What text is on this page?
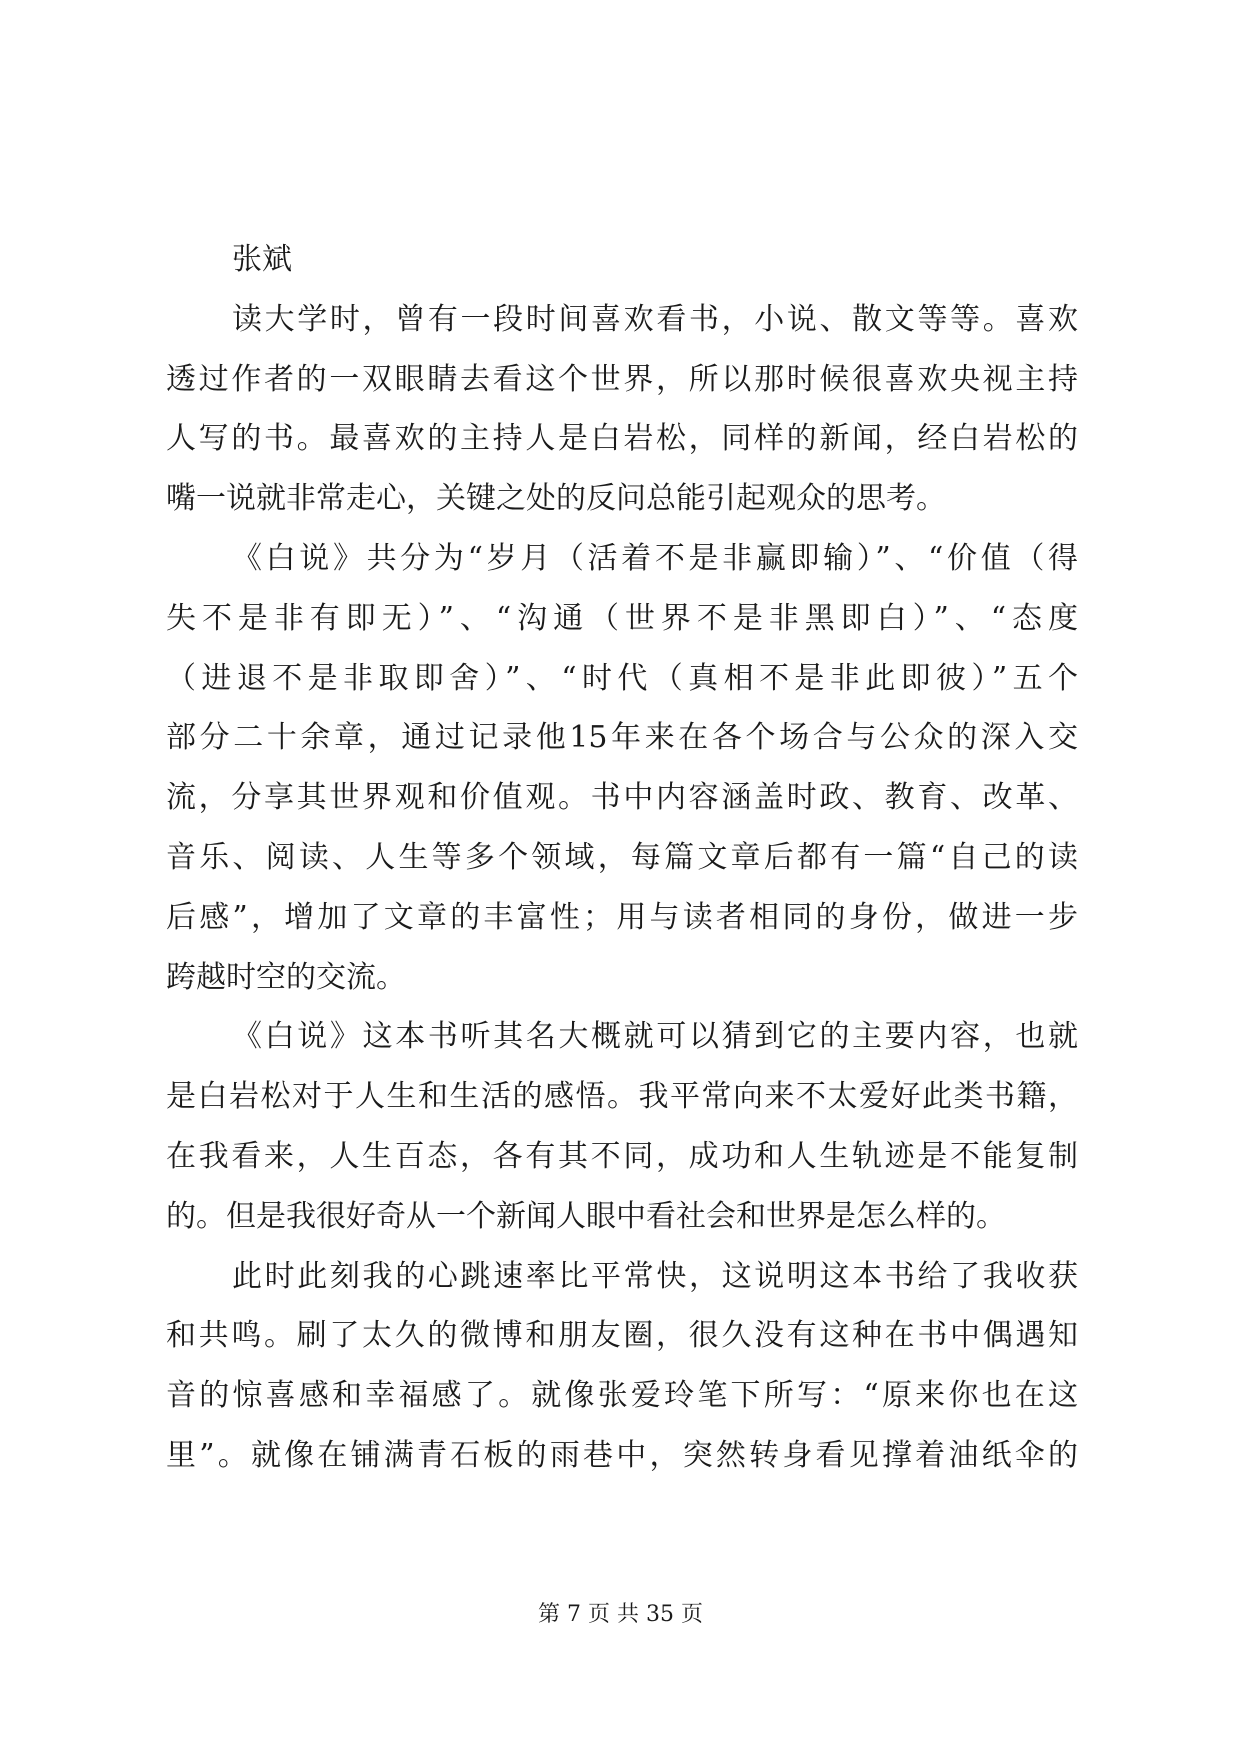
张斌
读大学时，曾有一段时间喜欢看书，小说、散文等等。喜欢
透过作者的一双眼睛去看这个世界，所以那时候很喜欢央视主持
人写的书。最喜欢的主持人是白岩松，同样的新闻，经白岩松的
嘴一说就非常走心，关键之处的反问总能引起观众的思考。
《白说》共分为“岁月（活着不是非赢即输）”、“价值（得
失不是非有即无）”、“沟通（世界不是非黑即白）”、“态度
（进退不是非取即舍）”、“时代（真相不是非此即彼）”五个
部分二十余章，通过记录他15年来在各个场合与公众的深入交
流，分享其世界观和价值观。书中内容涵盖时政、教育、改革、
音乐、阅读、人生等多个领域，每篇文章后都有一篇“自己的读
后感”，增加了文章的丰富性；用与读者相同的身份，做进一步
跨越时空的交流。
《白说》这本书听其名大概就可以猜到它的主要内容，也就
是白岩松对于人生和生活的感悟。我平常向来不太爱好此类书籍，
在我看来，人生百态，各有其不同，成功和人生轨迹是不能复制
的。但是我很好奇从一个新闻人眼中看社会和世界是怎么样的。
此时此刻我的心跳速率比平常快，这说明这本书给了我收获
和共鸣。刷了太久的微博和朋友圈，很久没有这种在书中偶遇知
音的惊喜感和幸福感了。就像张爱玲笔下所写：“原来你也在这
里”。就像在铺满青石板的雨巷中，突然转身看见撑着油纸伞的
第 7 页 共 35 页
